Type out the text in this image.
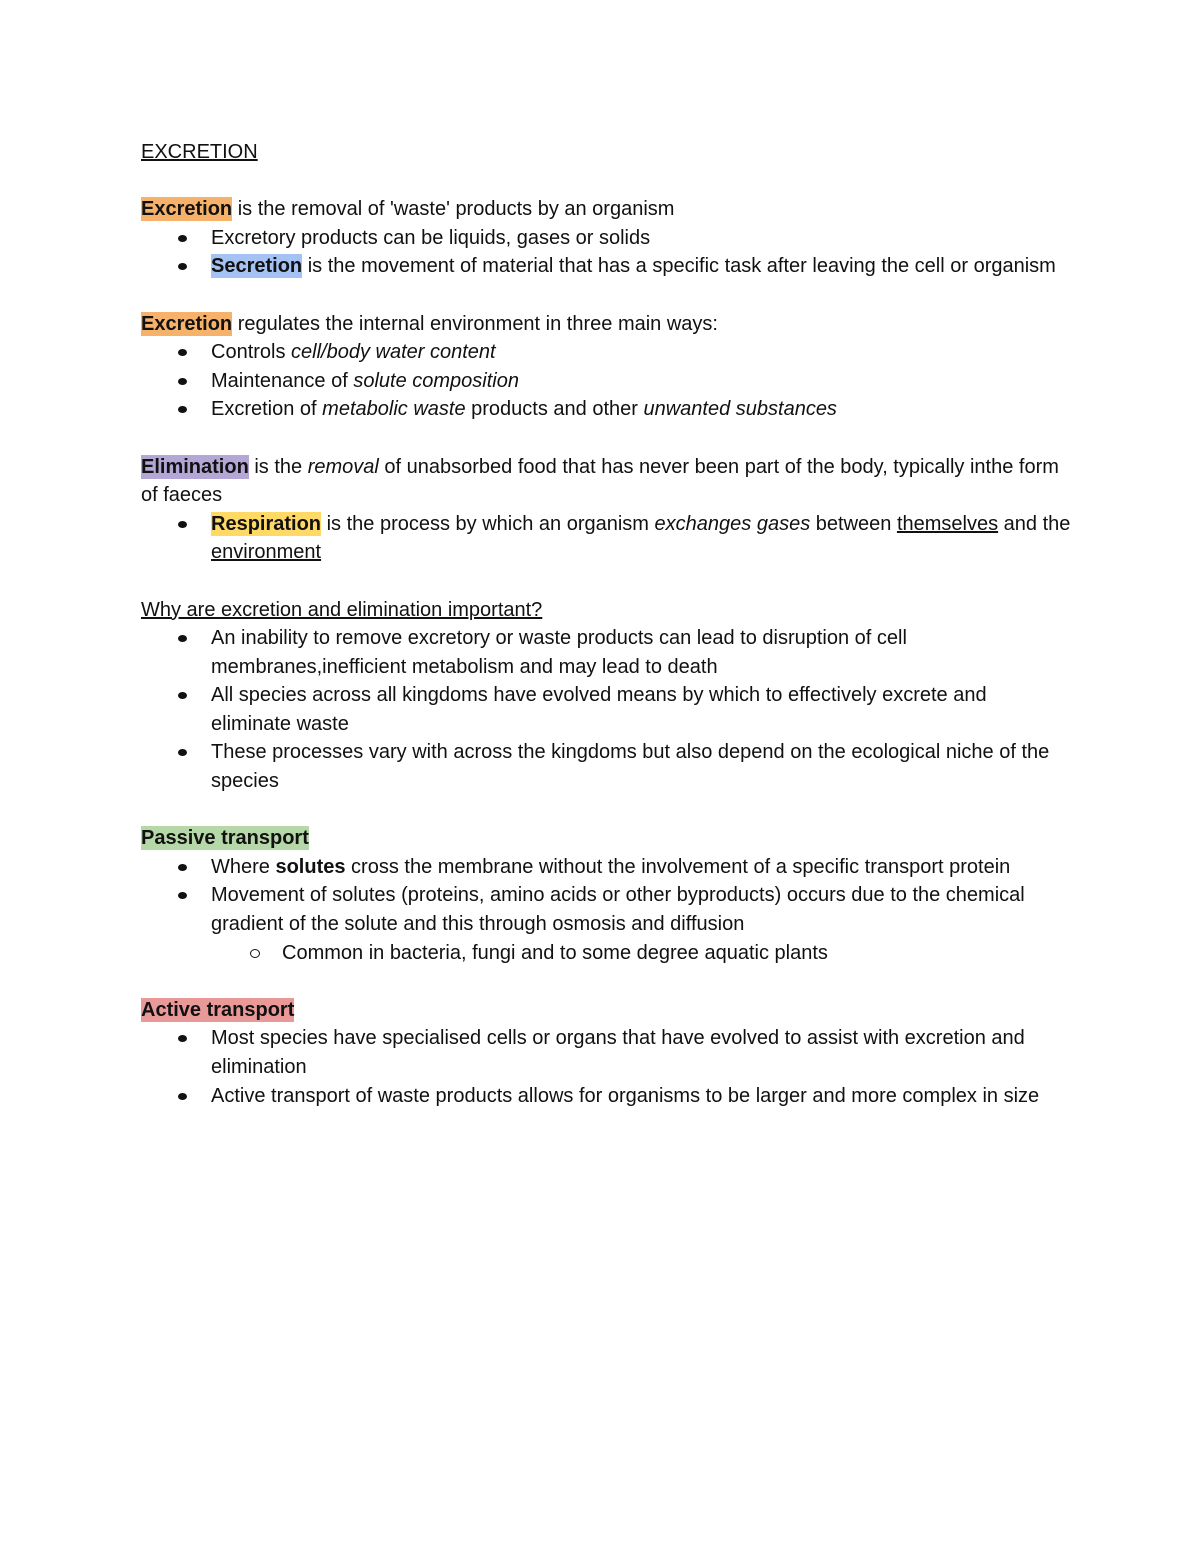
EXCRETION

Excretion is the removal of 'waste' products by an organism

Excretory products can be liquids, gases or solids
Secretion is the movement of material that has a specific task after leaving the cell or organism

Excretion regulates the internal environment in three main ways:

Controls cell/body water content
Maintenance of solute composition
Excretion of metabolic waste products and other unwanted substances

Elimination is the removal of unabsorbed food that has never been part of the body, typically inthe form of faeces

Respiration is the process by which an organism exchanges gases between themselves and the environment

Why are excretion and elimination important?

An inability to remove excretory or waste products can lead to disruption of cell membranes,inefficient metabolism and may lead to death
All species across all kingdoms have evolved means by which to effectively excrete and eliminate waste
These processes vary with across the kingdoms but also depend on the ecological niche of the species

Passive transport

Where solutes cross the membrane without the involvement of a specific transport protein
Movement of solutes (proteins, amino acids or other byproducts) occurs due to the chemical gradient of the solute and this through osmosis and diffusion
Common in bacteria, fungi and to some degree aquatic plants

Active transport

Most species have specialised cells or organs that have evolved to assist with excretion and elimination
Active transport of waste products allows for organisms to be larger and more complex in size
